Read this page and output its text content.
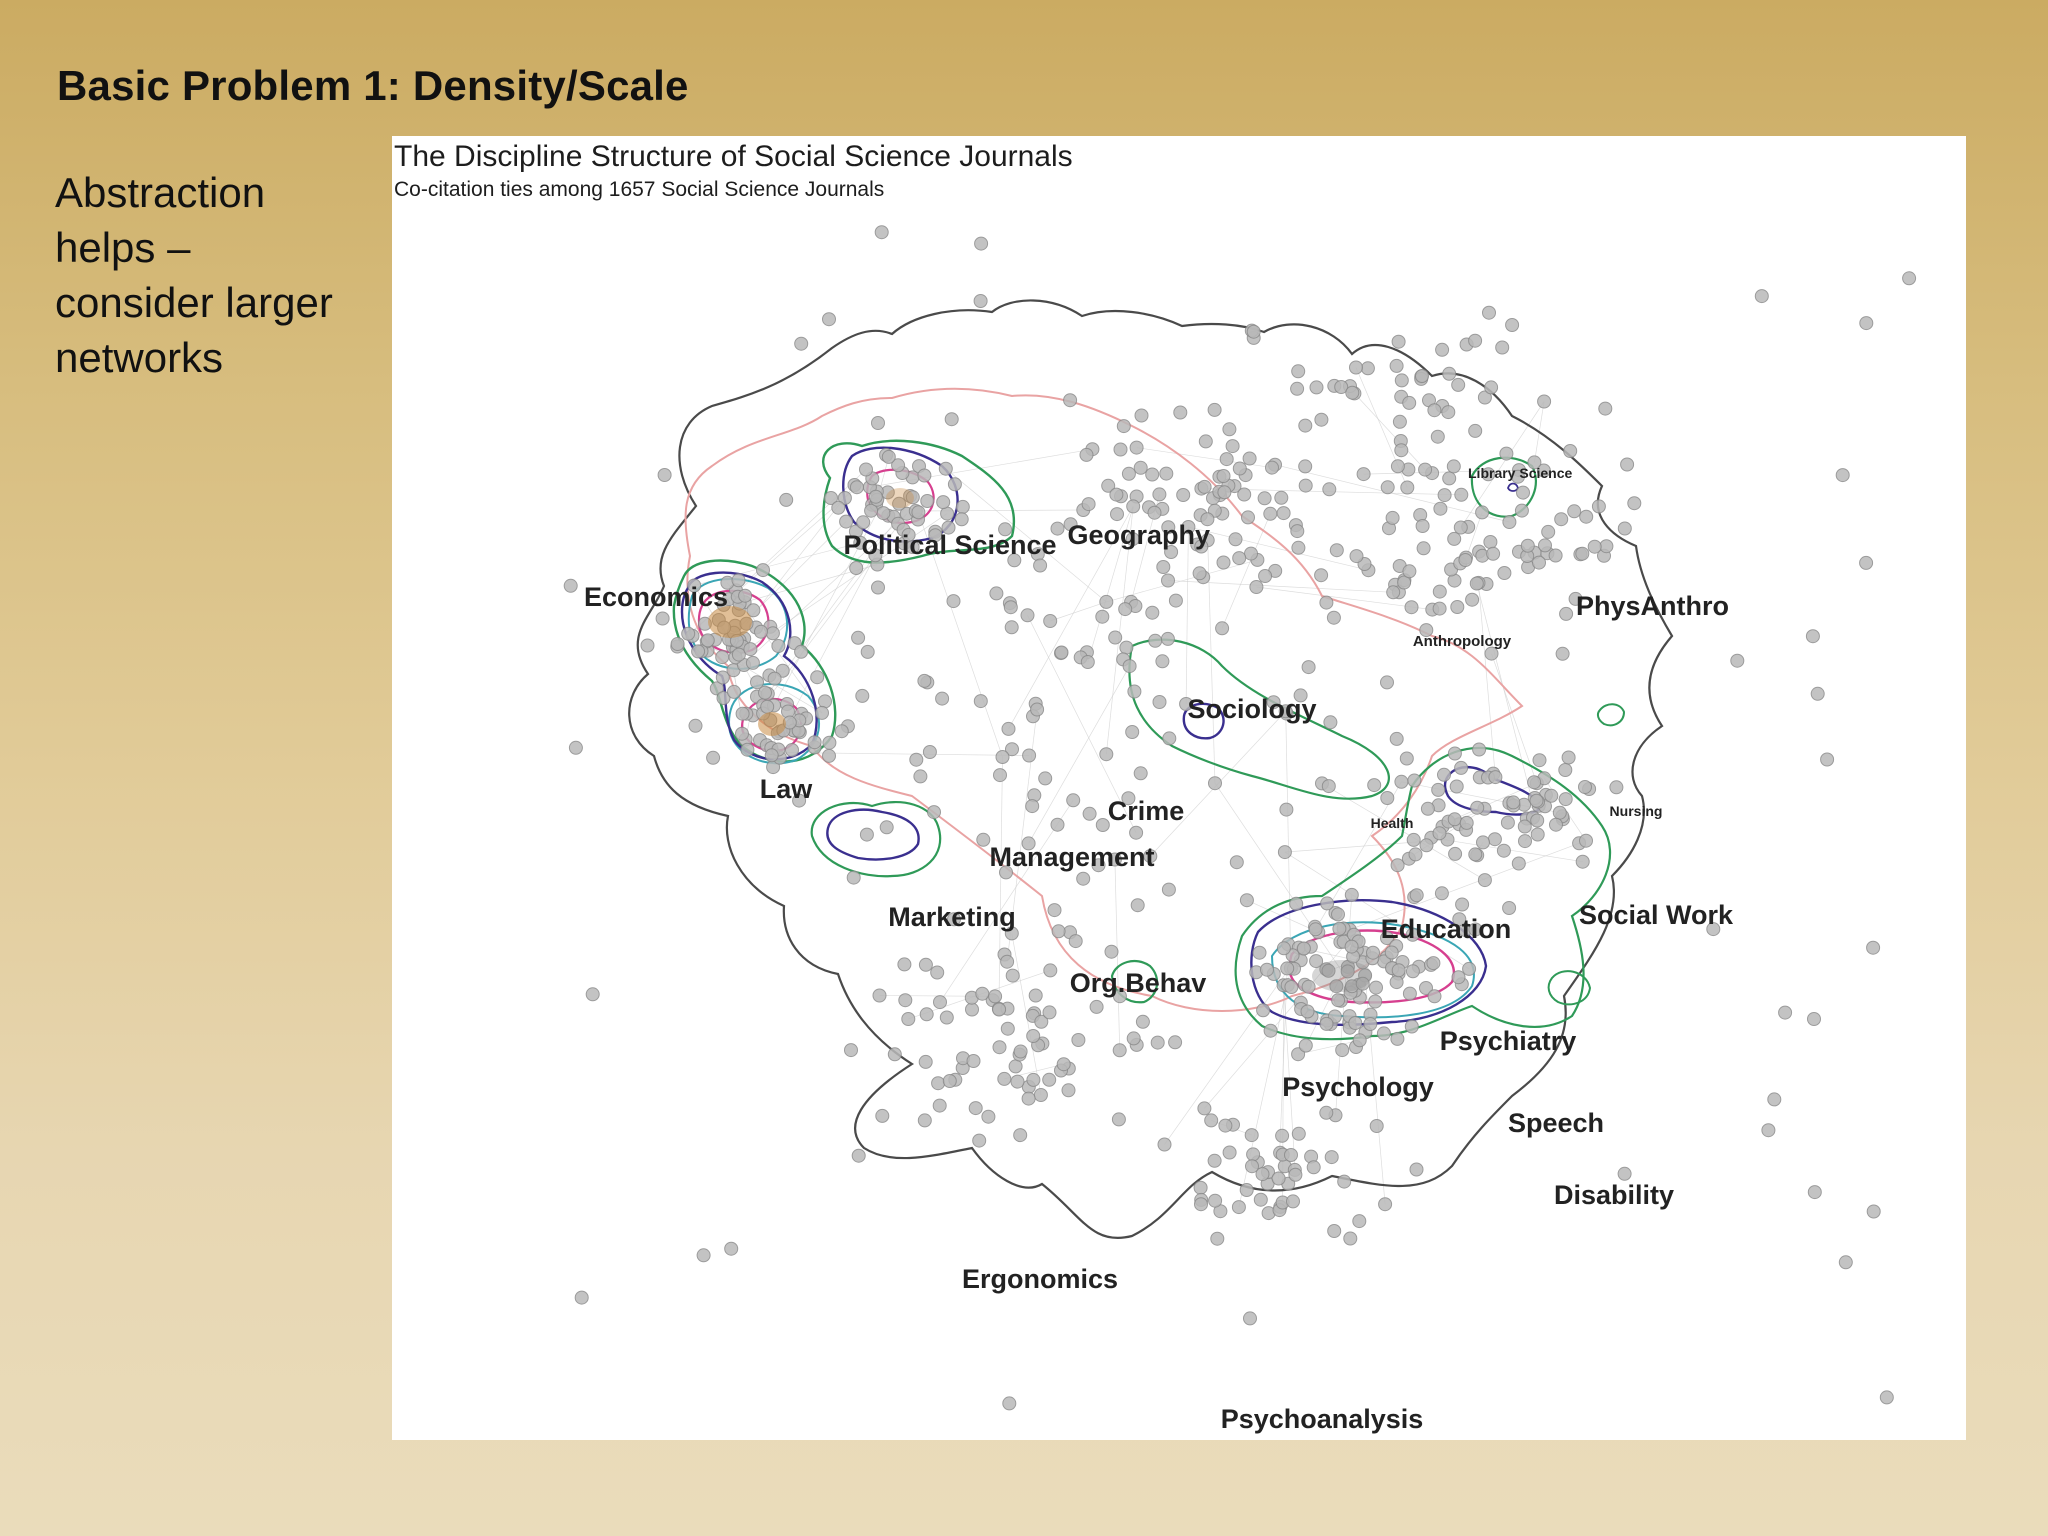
Basic Problem 1: Density/Scale
Abstraction
helps –
consider larger
networks
The Discipline Structure of Social Science Journals
Co-citation ties among 1657 Social Science Journals
Library Science
Political Science Geography
Economics	PhysAnthro
Anthropology
Sociology
Law
Crime	Health
Nursing
Management
Marketing	Social Work
Education
Org.Behav
Psychiatry
Psychology
Speech
Disability
Ergonomics
Psychoanalysis
